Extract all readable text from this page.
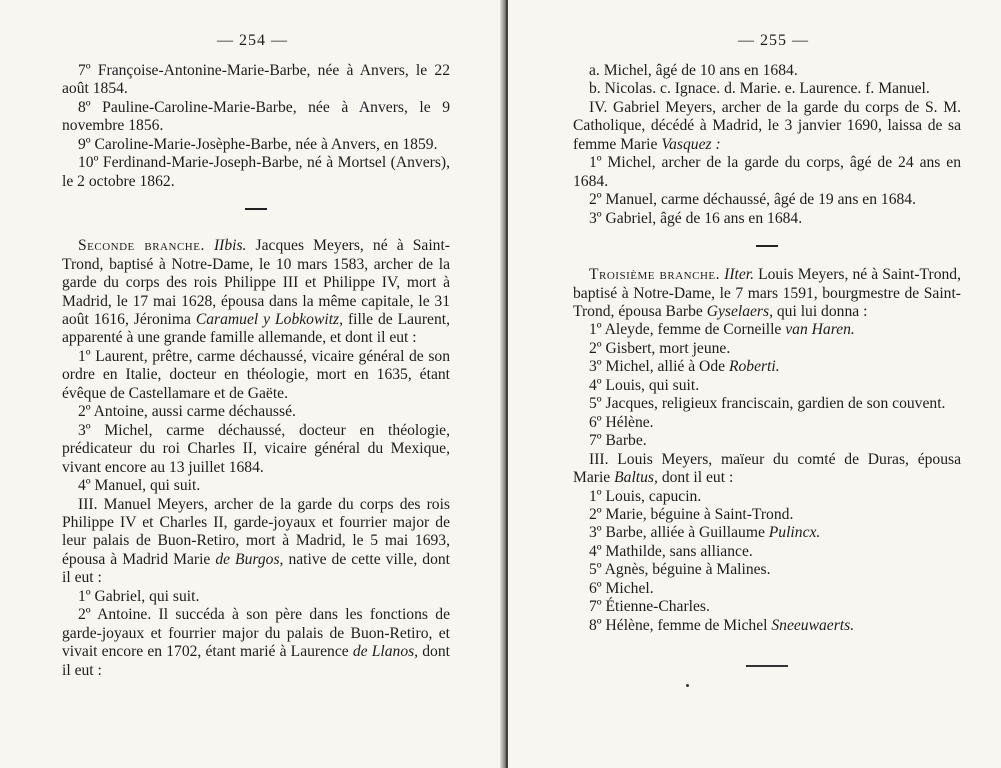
— 254 —

7º Françoise-Antonine-Marie-Barbe, née à Anvers, le 22 août 1854.

8º Pauline-Caroline-Marie-Barbe, née à Anvers, le 9 novembre 1856.

9º Caroline-Marie-Josèphe-Barbe, née à Anvers, en 1859.

10º Ferdinand-Marie-Joseph-Barbe, né à Mortsel (Anvers), le 2 octobre 1862.

Seconde branche. IIbis. Jacques Meyers, né à Saint-Trond, baptisé à Notre-Dame, le 10 mars 1583, archer de la garde du corps des rois Philippe III et Philippe IV, mort à Madrid, le 17 mai 1628, épousa dans la même capitale, le 31 août 1616, Jéronima Caramuel y Lobkowitz, fille de Laurent, apparenté à une grande famille allemande, et dont il eut :

1º Laurent, prêtre, carme déchaussé, vicaire général de son ordre en Italie, docteur en théologie, mort en 1635, étant évêque de Castellamare et de Gaëte.

2º Antoine, aussi carme déchaussé.

3º Michel, carme déchaussé, docteur en théologie, prédicateur du roi Charles II, vicaire général du Mexique, vivant encore au 13 juillet 1684.

4º Manuel, qui suit.

III. Manuel Meyers, archer de la garde du corps des rois Philippe IV et Charles II, garde-joyaux et fourrier major de leur palais de Buon-Retiro, mort à Madrid, le 5 mai 1693, épousa à Madrid Marie de Burgos, native de cette ville, dont il eut :

1º Gabriel, qui suit.

2º Antoine. Il succéda à son père dans les fonctions de garde-joyaux et fourrier major du palais de Buon-Retiro, et vivait encore en 1702, étant marié à Laurence de Llanos, dont il eut :

— 255 —

a. Michel, âgé de 10 ans en 1684.

b. Nicolas. c. Ignace. d. Marie. e. Laurence. f. Manuel.

IV. Gabriel Meyers, archer de la garde du corps de S. M. Catholique, décédé à Madrid, le 3 janvier 1690, laissa de sa femme Marie Vasquez :

1º Michel, archer de la garde du corps, âgé de 24 ans en 1684.

2º Manuel, carme déchaussé, âgé de 19 ans en 1684.

3º Gabriel, âgé de 16 ans en 1684.

Troisième branche. IIter. Louis Meyers, né à Saint-Trond, baptisé à Notre-Dame, le 7 mars 1591, bourgmestre de Saint-Trond, épousa Barbe Gyselaers, qui lui donna :

1º Aleyde, femme de Corneille van Haren.

2º Gisbert, mort jeune.

3º Michel, allié à Ode Roberti.

4º Louis, qui suit.

5º Jacques, religieux franciscain, gardien de son couvent.

6º Hélène.

7º Barbe.

III. Louis Meyers, maïeur du comté de Duras, épousa Marie Baltus, dont il eut :

1º Louis, capucin.

2º Marie, béguine à Saint-Trond.

3º Barbe, alliée à Guillaume Pulincx.

4º Mathilde, sans alliance.

5º Agnès, béguine à Malines.

6º Michel.

7º Étienne-Charles.

8º Hélène, femme de Michel Sneeuwaerts.
